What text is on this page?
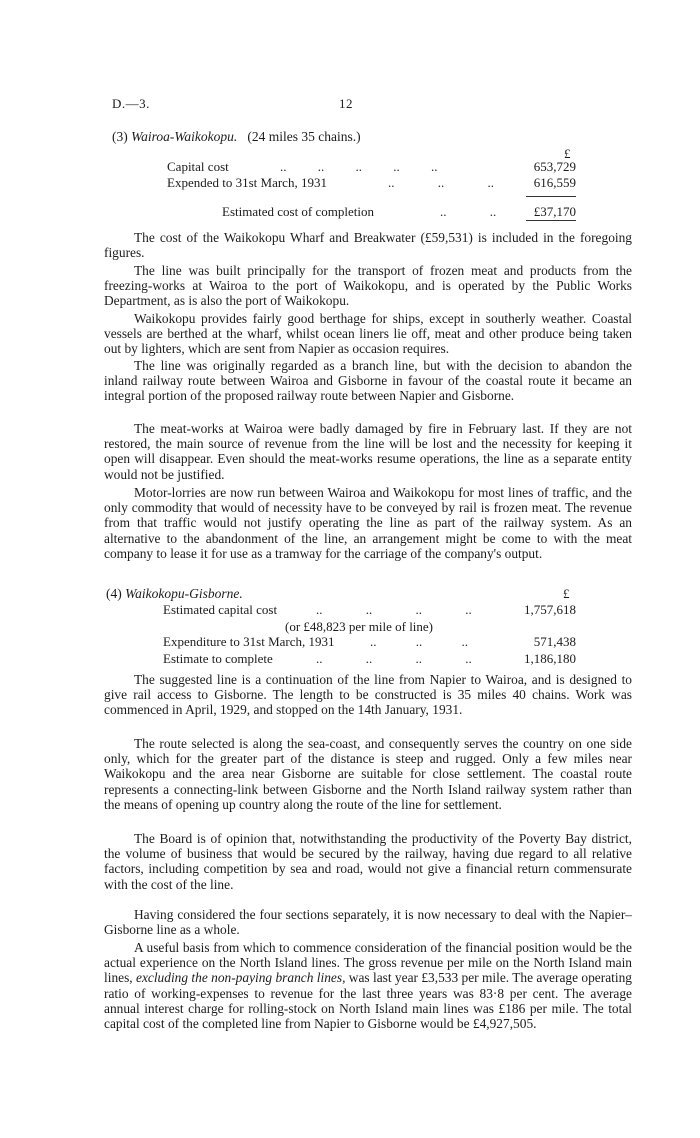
D.—3.	12
(3) Wairoa-Waikokopu. (24 miles 35 chains.)
£
Capital cost	.. .. .. .. ..	653,729
Expended to 31st March, 1931	.. .. ..	616,559
Estimated cost of completion	.. ..	£37,170

The cost of the Waikokopu Wharf and Breakwater (£59,531) is included in the foregoing figures.

The line was built principally for the transport of frozen meat and products from the freezing-works at Wairoa to the port of Waikokopu, and is operated by the Public Works Department, as is also the port of Waikokopu.

Waikokopu provides fairly good berthage for ships, except in southerly weather. Coastal vessels are berthed at the wharf, whilst ocean liners lie off, meat and other produce being taken out by lighters, which are sent from Napier as occasion requires.

The line was originally regarded as a branch line, but with the decision to abandon the inland railway route between Wairoa and Gisborne in favour of the coastal route it became an integral portion of the proposed railway route between Napier and Gisborne.

The meat-works at Wairoa were badly damaged by fire in February last. If they are not restored, the main source of revenue from the line will be lost and the necessity for keeping it open will disappear. Even should the meat-works resume operations, the line as a separate entity would not be justified.

Motor-lorries are now run between Wairoa and Waikokopu for most lines of traffic, and the only commodity that would of necessity have to be conveyed by rail is frozen meat. The revenue from that traffic would not justify operating the line as part of the railway system. As an alternative to the abandonment of the line, an arrangement might be come to with the meat company to lease it for use as a tramway for the carriage of the company's output.

(4) Waikokopu-Gisborne.	£
Estimated capital cost	.. .. .. ..	1,757,618
(or £48,823 per mile of line)
Expenditure to 31st March, 1931	.. .. ..	571,438
Estimate to complete	.. .. .. ..	1,186,180

The suggested line is a continuation of the line from Napier to Wairoa, and is designed to give rail access to Gisborne. The length to be constructed is 35 miles 40 chains. Work was commenced in April, 1929, and stopped on the 14th January, 1931.

The route selected is along the sea-coast, and consequently serves the country on one side only, which for the greater part of the distance is steep and rugged. Only a few miles near Waikokopu and the area near Gisborne are suitable for close settlement. The coastal route represents a connecting-link between Gisborne and the North Island railway system rather than the means of opening up country along the route of the line for settlement.

The Board is of opinion that, notwithstanding the productivity of the Poverty Bay district, the volume of business that would be secured by the railway, having due regard to all relative factors, including competition by sea and road, would not give a financial return commensurate with the cost of the line.

Having considered the four sections separately, it is now necessary to deal with the Napier–Gisborne line as a whole.

A useful basis from which to commence consideration of the financial position would be the actual experience on the North Island lines. The gross revenue per mile on the North Island main lines, excluding the non-paying branch lines, was last year £3,533 per mile. The average operating ratio of working-expenses to revenue for the last three years was 83·8 per cent. The average annual interest charge for rolling-stock on North Island main lines was £186 per mile. The total capital cost of the completed line from Napier to Gisborne would be £4,927,505.
